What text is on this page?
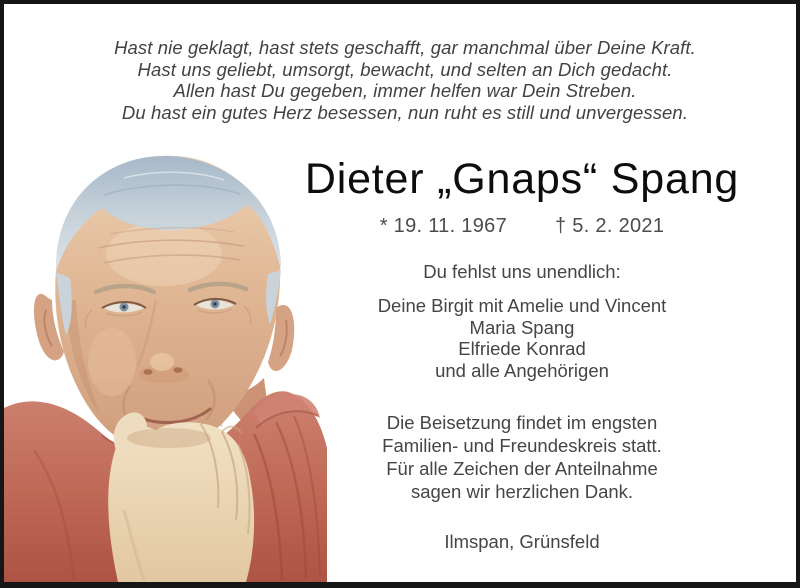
Hast nie geklagt, hast stets geschafft, gar manchmal über Deine Kraft.
Hast uns geliebt, umsorgt, bewacht, und selten an Dich gedacht.
Allen hast Du gegeben, immer helfen war Dein Streben.
Du hast ein gutes Herz besessen, nun ruht es still und unvergessen.
Dieter „Gnaps“ Spang
* 19. 11. 1967 † 5. 2. 2021
Du fehlst uns unendlich:
Deine Birgit mit Amelie und Vincent
Maria Spang
Elfriede Konrad
und alle Angehörigen
Die Beisetzung findet im engsten
Familien- und Freundeskreis statt.
Für alle Zeichen der Anteilnahme
sagen wir herzlichen Dank.
Ilmspan, Grünsfeld
